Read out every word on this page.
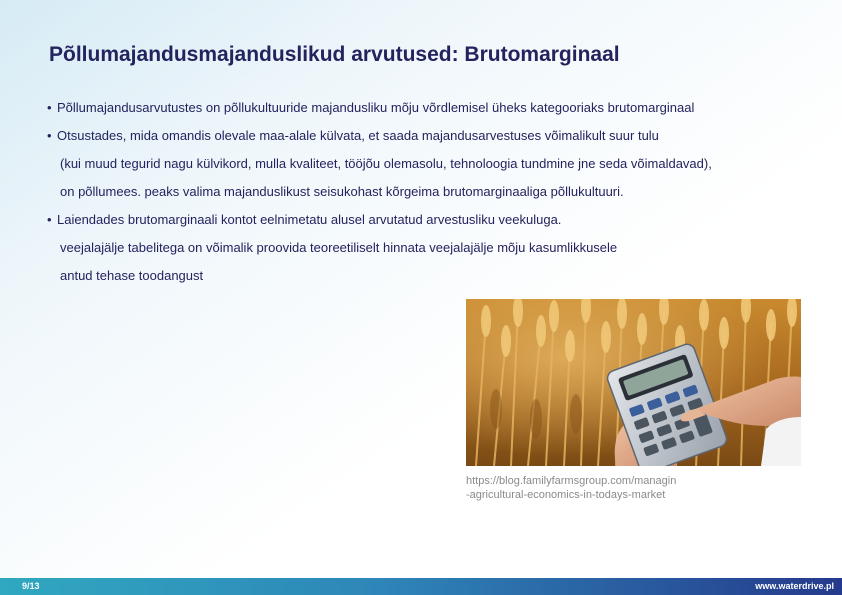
Põllumajandusmajanduslikud arvutused: Brutomarginaal
• Põllumajandusarvutustes on põllukultuuride majandusliku mõju võrdlemisel üheks kategooriaks brutomarginaal
• Otsustades, mida omandis olevale maa-alale külvata, et saada majandusarvestuses võimalikult suur tulu
(kui muud tegurid nagu külvikord, mulla kvaliteet, tööjõu olemasolu, tehnoloogia tundmine jne seda võimaldavad),
on põllumees. peaks valima majanduslikust seisukohast kõrgeima brutomarginaaliga põllukultuuri.
• Laiendades brutomarginaali kontot eelnimetatu alusel arvutatud arvestusliku veekuluga.
veejalajälje tabelitega on võimalik proovida teoreetiliselt hinnata veejalajälje mõju kasumlikkusele
antud tehase toodangust
https://blog.familyfarmsgroup.com/managin
-agricultural-economics-in-todays-market
9/13	www.waterdrive.pl
